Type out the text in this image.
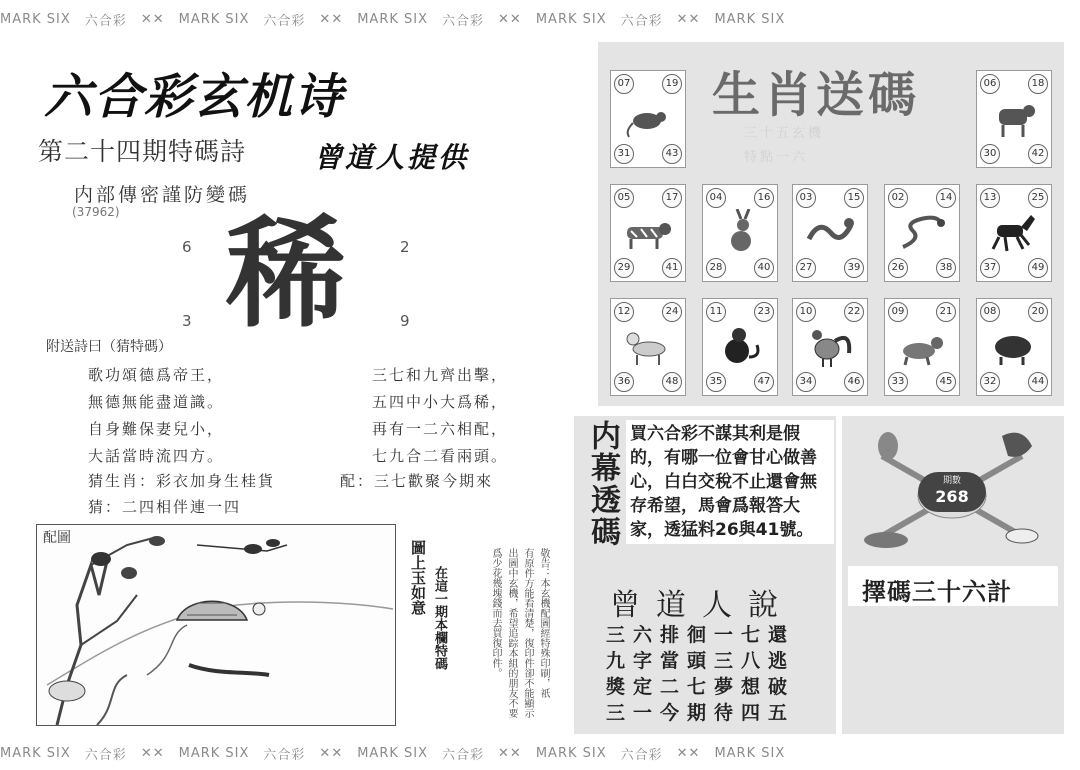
MARK SIX 六合彩 ✕✕ MARK SIX 六合彩 ✕✕ MARK SIX 六合彩 ✕✕ MARK SIX 六合彩 ✕✕ MARK SIX
MARK SIX 六合彩 ✕✕ MARK SIX 六合彩 ✕✕ MARK SIX 六合彩 ✕✕ MARK SIX 六合彩 ✕✕ MARK SIX
六合彩玄机诗
第二十四期特碼詩 曾道人提供
内部傳密謹防變碼
(37962)
6	2
3	9
稀
附送詩曰（猜特碼）
歌功頌德爲帝王，
無德無能盡道識。
自身難保妻兒小，
大話當時流四方。
三七和九齊出擊，
五四中小大爲稀，
再有一二六相配，
七九合二看兩頭。
猜生肖：彩衣加身生桂貨	配：三七歡聚今期來
猜：二四相伴連一四
配圖
圖上玉如意 在這一期本欄特碼	敬告：本玄機配圖經特殊印刷，祇
有原件方能看清楚，復印件卻不能顯示
出圖中玄機，希望追踪本組的朋友不要
爲少花幾塊錢而去買復印件。
生肖送碼
三十五玄機
特點一六
07	19
31	43
06	18
30	42
05	17
29	41
04	16
28	40
03	15
27	39
02	14
26	38
13	25
37	49
12	24
36	48
11	23
35	47
10	22
34	46
09	21
33	45
08	20
32	44
内幕透碼 買六合彩不謀其利是假的，有哪一位會甘心做善心，白白交稅不止還會無存希望，馬會爲報答大家，透猛料26與41號。
曾道人說
三六排徊一七還
九字當頭三八逃
獎定二七夢想破
三一今期待四五
期數
268
擇碼三十六計
